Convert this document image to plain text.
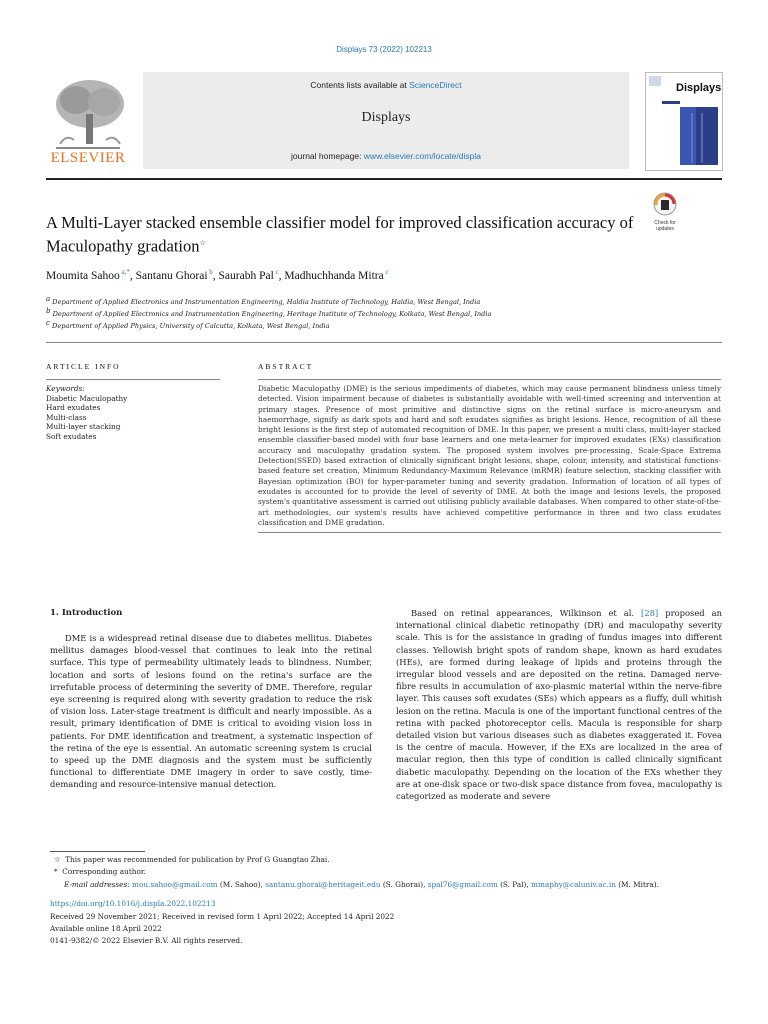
Displays 73 (2022) 102213
Contents lists available at ScienceDirect
Displays
journal homepage: www.elsevier.com/locate/displa
ELSEVIER
Displays
A Multi-Layer stacked ensemble classifier model for improved classification accuracy of Maculopathy gradation☆
Check for
updates
Moumita Sahoo $^{a,*}$, Santanu Ghorai $^b$, Saurabh Pal $^c$, Madhuchhanda Mitra $^c$
$^a$ Department of Applied Electronics and Instrumentation Engineering, Haldia Institute of Technology, Haldia, West Bengal, India
$^b$ Department of Applied Electronics and Instrumentation Engineering, Heritage Institute of Technology, Kolkata, West Bengal, India
$^c$ Department of Applied Physics, University of Calcutta, Kolkata, West Bengal, India
ARTICLE INFO	ABSTRACT
Keywords:
Diabetic Maculopathy
Hard exudates
Multi-class
Multi-layer stacking
Soft exudates
Diabetic Maculopathy (DME) is the serious impediments of diabetes, which may cause permanent blindness unless timely detected. Vision impairment because of diabetes is substantially avoidable with well-timed screening and intervention at primary stages. Presence of most primitive and distinctive signs on the retinal surface is micro-aneurysm and haemorrhage, signify as dark spots and hard and soft exudates signifies as bright lesions. Hence, recognition of all these bright lesions is the first step of automated recognition of DME. In this paper, we present a multi class, multi-layer stacked ensemble classifier-based model with four base learners and one meta-learner for improved exudates (EXs) classification accuracy and maculopathy gradation system. The proposed system involves pre-processing, Scale-Space Extrema Detection(SSED) based extraction of clinically significant bright lesions, shape, colour, intensity, and statistical functions-based feature set creation, Minimum Redundancy-Maximum Relevance (mRMR) feature selection, stacking classifier with Bayesian optimization (BO) for hyper-parameter tuning and severity gradation. Information of location of all types of exudates is accounted for to provide the level of severity of DME. At both the image and lesions levels, the proposed system's quantitative assessment is carried out utilising publicly available databases. When compared to other state-of-the-art methodologies, our system's results have achieved competitive performance in three and two class exudates classification and DME gradation.
1. Introduction
DME is a widespread retinal disease due to diabetes mellitus. Diabetes mellitus damages blood-vessel that continues to leak into the retinal surface. This type of permeability ultimately leads to blindness. Number, location and sorts of lesions found on the retina's surface are the irrefutable process of determining the severity of DME. Therefore, regular eye screening is required along with severity gradation to reduce the risk of vision loss. Later-stage treatment is difficult and nearly impossible. As a result, primary identification of DME is critical to avoiding vision loss in patients. For DME identification and treatment, a systematic inspection of the retina of the eye is essential. An automatic screening system is crucial to speed up the DME diagnosis and the system must be sufficiently functional to differentiate DME imagery in order to save costly, time-demanding and resource-intensive manual detection.
Based on retinal appearances, Wilkinson et al. [28] proposed an international clinical diabetic retinopathy (DR) and maculopathy severity scale. This is for the assistance in grading of fundus images into different classes. Yellowish bright spots of random shape, known as hard exudates (HEs), are formed during leakage of lipids and proteins through the irregular blood vessels and are deposited on the retina. Damaged nerve-fibre results in accumulation of axo-plasmic material within the nerve-fibre layer. This causes soft exudates (SEs) which appears as a fluffy, dull whitish lesion on the retina. Macula is one of the important functional centres of the retina with packed photoreceptor cells. Macula is responsible for sharp detailed vision but various diseases such as diabetes exaggerated it. Fovea is the centre of macula. However, if the EXs are localized in the area of macular region, then this type of condition is called clinically significant diabetic maculopathy. Depending on the location of the EXs whether they are at one-disk space or two-disk space distance from fovea, maculopathy is categorized as moderate and severe
☆ This paper was recommended for publication by Prof G Guangtao Zhai.
* Corresponding author.
E-mail addresses: mou.sahoo@gmail.com (M. Sahoo), santanu.ghorai@heritageit.edu (S. Ghorai), spal76@gmail.com (S. Pal), mmaphy@caluniv.ac.in (M. Mitra).
https://doi.org/10.1016/j.displa.2022.102213
Received 29 November 2021; Received in revised form 1 April 2022; Accepted 14 April 2022
Available online 18 April 2022
0141-9382/© 2022 Elsevier B.V. All rights reserved.
